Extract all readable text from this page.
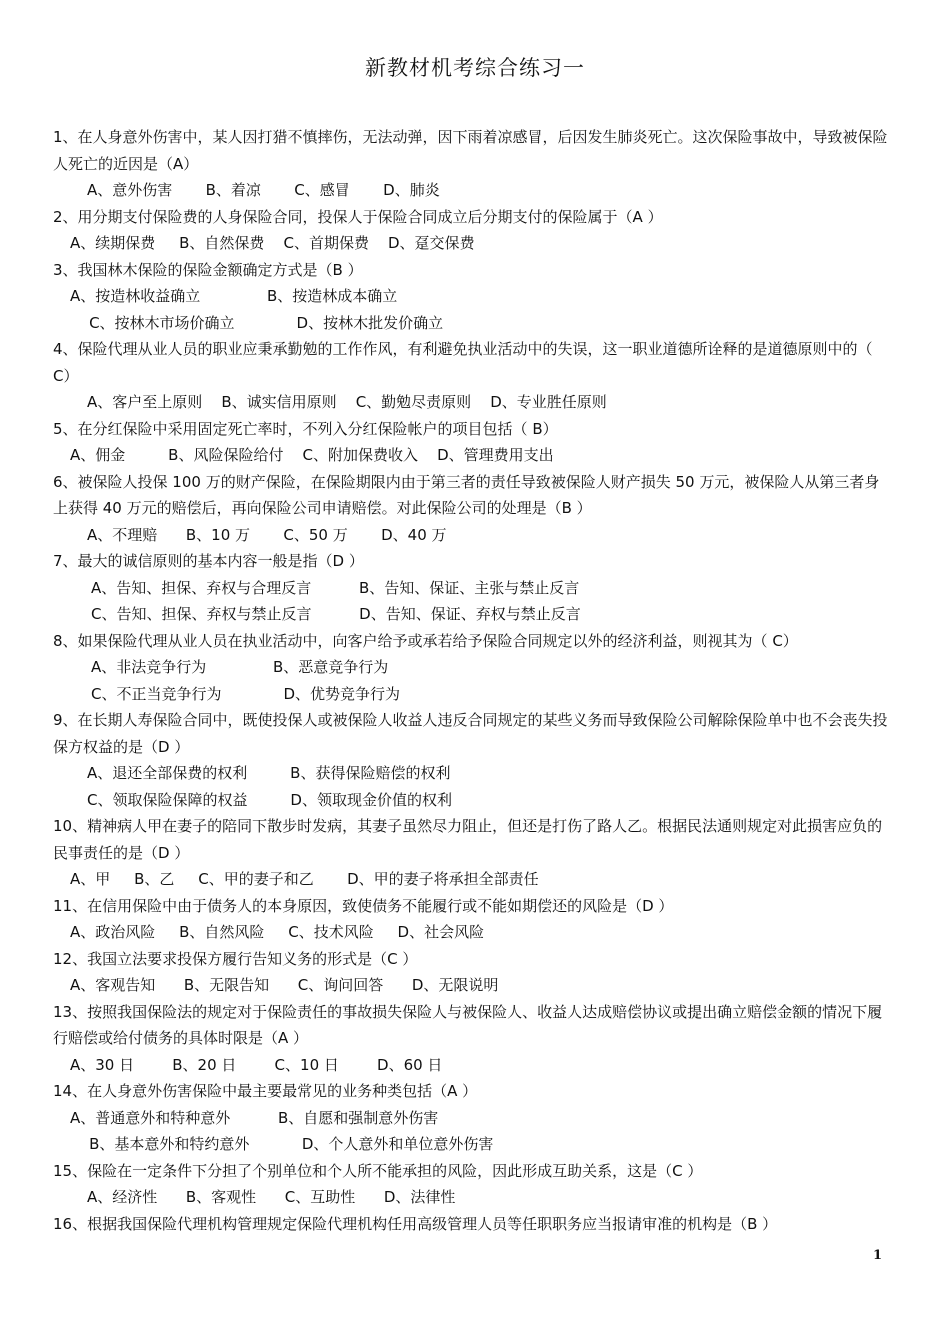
新教材机考综合练习一

1、在人身意外伤害中，某人因打猎不慎摔伤，无法动弹，因下雨着凉感冒，后因发生肺炎死亡。这次保险事故中，导致被保险人死亡的近因是（A）

A、意外伤害       B、着凉       C、感冒       D、肺炎

2、用分期支付保险费的人身保险合同，投保人于保险合同成立后分期支付的保险属于（A ）

A、续期保费     B、自然保费    C、首期保费    D、趸交保费

3、我国林木保险的保险金额确定方式是（B ）

A、按造林收益确立              B、按造林成本确立

C、按林木市场价确立             D、按林木批发价确立

4、保险代理从业人员的职业应秉承勤勉的工作作风，有利避免执业活动中的失误，这一职业道德所诠释的是道德原则中的（ C）

A、客户至上原则    B、诚实信用原则    C、勤勉尽责原则    D、专业胜任原则

5、在分红保险中采用固定死亡率时，不列入分红保险帐户的项目包括（ B）

A、佣金         B、风险保险给付    C、附加保费收入    D、管理费用支出

6、被保险人投保 100 万的财产保险，在保险期限内由于第三者的责任导致被保险人财产损失 50 万元，被保险人从第三者身上获得 40 万元的赔偿后，再向保险公司申请赔偿。对此保险公司的处理是（B ）

A、不理赔      B、10 万       C、50 万       D、40 万

7、最大的诚信原则的基本内容一般是指（D ）

A、告知、担保、弃权与合理反言          B、告知、保证、主张与禁止反言

C、告知、担保、弃权与禁止反言          D、告知、保证、弃权与禁止反言

8、如果保险代理从业人员在执业活动中，向客户给予或承若给予保险合同规定以外的经济利益，则视其为（ C）

A、非法竞争行为              B、恶意竞争行为

C、不正当竞争行为             D、优势竞争行为

9、在长期人寿保险合同中，既使投保人或被保险人收益人违反合同规定的某些义务而导致保险公司解除保险单中也不会丧失投保方权益的是（D ）

A、退还全部保费的权利         B、获得保险赔偿的权利

C、领取保险保障的权益         D、领取现金价值的权利

10、精神病人甲在妻子的陪同下散步时发病，其妻子虽然尽力阻止，但还是打伤了路人乙。根据民法通则规定对此损害应负的民事责任的是（D ）

A、甲     B、乙     C、甲的妻子和乙       D、甲的妻子将承担全部责任

11、在信用保险中由于债务人的本身原因，致使债务不能履行或不能如期偿还的风险是（D ）

A、政治风险     B、自然风险     C、技术风险     D、社会风险

12、我国立法要求投保方履行告知义务的形式是（C ）

A、客观告知      B、无限告知      C、询问回答      D、无限说明

13、按照我国保险法的规定对于保险责任的事故损失保险人与被保险人、收益人达成赔偿协议或提出确立赔偿金额的情况下履行赔偿或给付债务的具体时限是（A ）

A、30 日        B、20 日        C、10 日        D、60 日

14、在人身意外伤害保险中最主要最常见的业务种类包括（A ）

A、普通意外和特种意外          B、自愿和强制意外伤害

B、基本意外和特约意外           D、个人意外和单位意外伤害

15、保险在一定条件下分担了个别单位和个人所不能承担的风险，因此形成互助关系，这是（C ）

A、经济性      B、客观性      C、互助性      D、法律性

16、根据我国保险代理机构管理规定保险代理机构任用高级管理人员等任职职务应当报请审准的机构是（B ）

1
